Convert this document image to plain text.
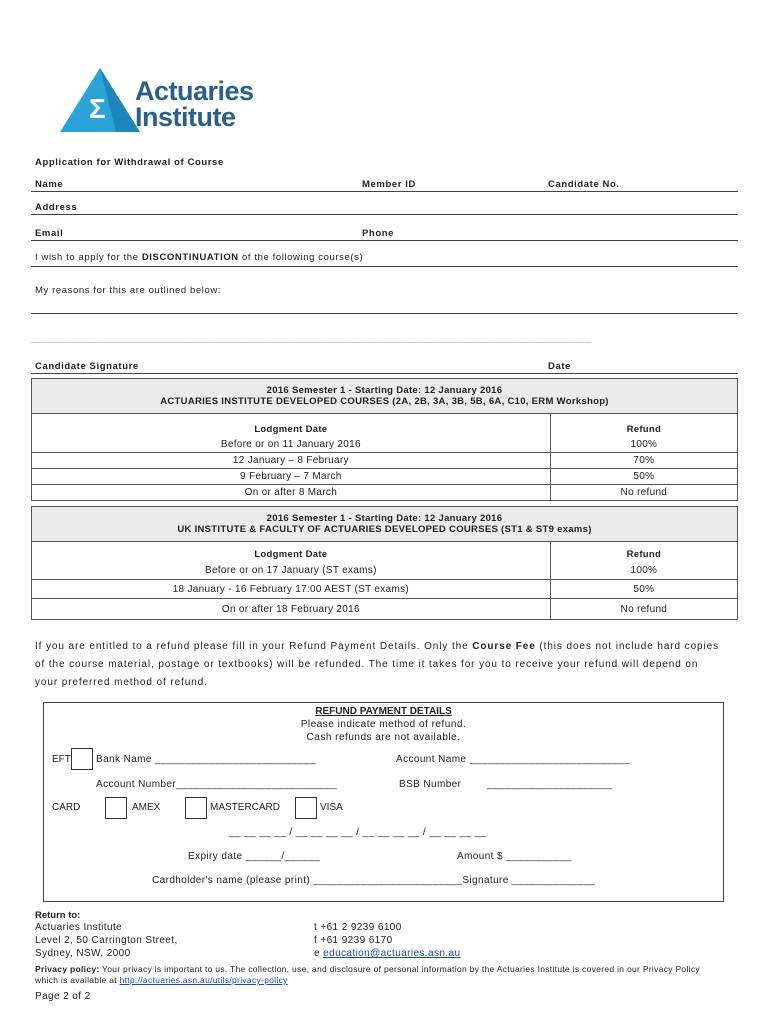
Σ
Actuaries
Institute
Application for Withdrawal of Course
Name	Member ID	Candidate No.
Address
Email	Phone
I wish to apply for the DISCONTINUATION of the following course(s)
My reasons for this are outlined below:
____________________________________________________________________________________________________
Candidate Signature	Date
2016 Semester 1 - Starting Date: 12 January 2016
ACTUARIES INSTITUTE DEVELOPED COURSES (2A, 2B, 3A, 3B, 5B, 6A, C10, ERM Workshop)	

Lodgment Date	Refund
Before or on 11 January 2016	100%
12 January – 8 February	70%
9 February – 7 March	50%
On or after 8 March	No refund
2016 Semester 1 - Starting Date: 12 January 2016
UK INSTITUTE & FACULTY OF ACTUARIES DEVELOPED COURSES (ST1 & ST9 exams)	

Lodgment Date	Refund
Before or on 17 January (ST exams)	100%
18 January - 16 February 17:00 AEST (ST exams)	50%
On or after 18 February 2016	No refund
If you are entitled to a refund please fill in your Refund Payment Details. Only the Course Fee (this does not include hard copies of the course material, postage or textbooks) will be refunded. The time it takes for you to receive your refund will depend on your preferred method of refund.
REFUND PAYMENT DETAILS
Please indicate method of refund.
Cash refunds are not available.
EFT	Bank Name ___________________________	Account Name ___________________________
Account Number___________________________	BSB Number	_____________________
CARD	AMEX	MASTERCARD	VISA
__ __ __ __ / __ __ __ __ / __ __ __ __ / __ __ __ __
Expiry date ______/______	Amount $ ___________
Cardholder's name (please print) _________________________Signature ______________
Return to:
Actuaries Institute
Level 2, 50 Carrington Street,
Sydney, NSW, 2000
t +61 2 9239 6100
f +61 9239 6170
e education@actuaries.asn.au
Privacy policy: Your privacy is important to us. The collection, use, and disclosure of personal information by the Actuaries Institute is covered in our Privacy Policy which is available at http://actuaries.asn.au/utils/privacy-policy
Page 2 of 2
